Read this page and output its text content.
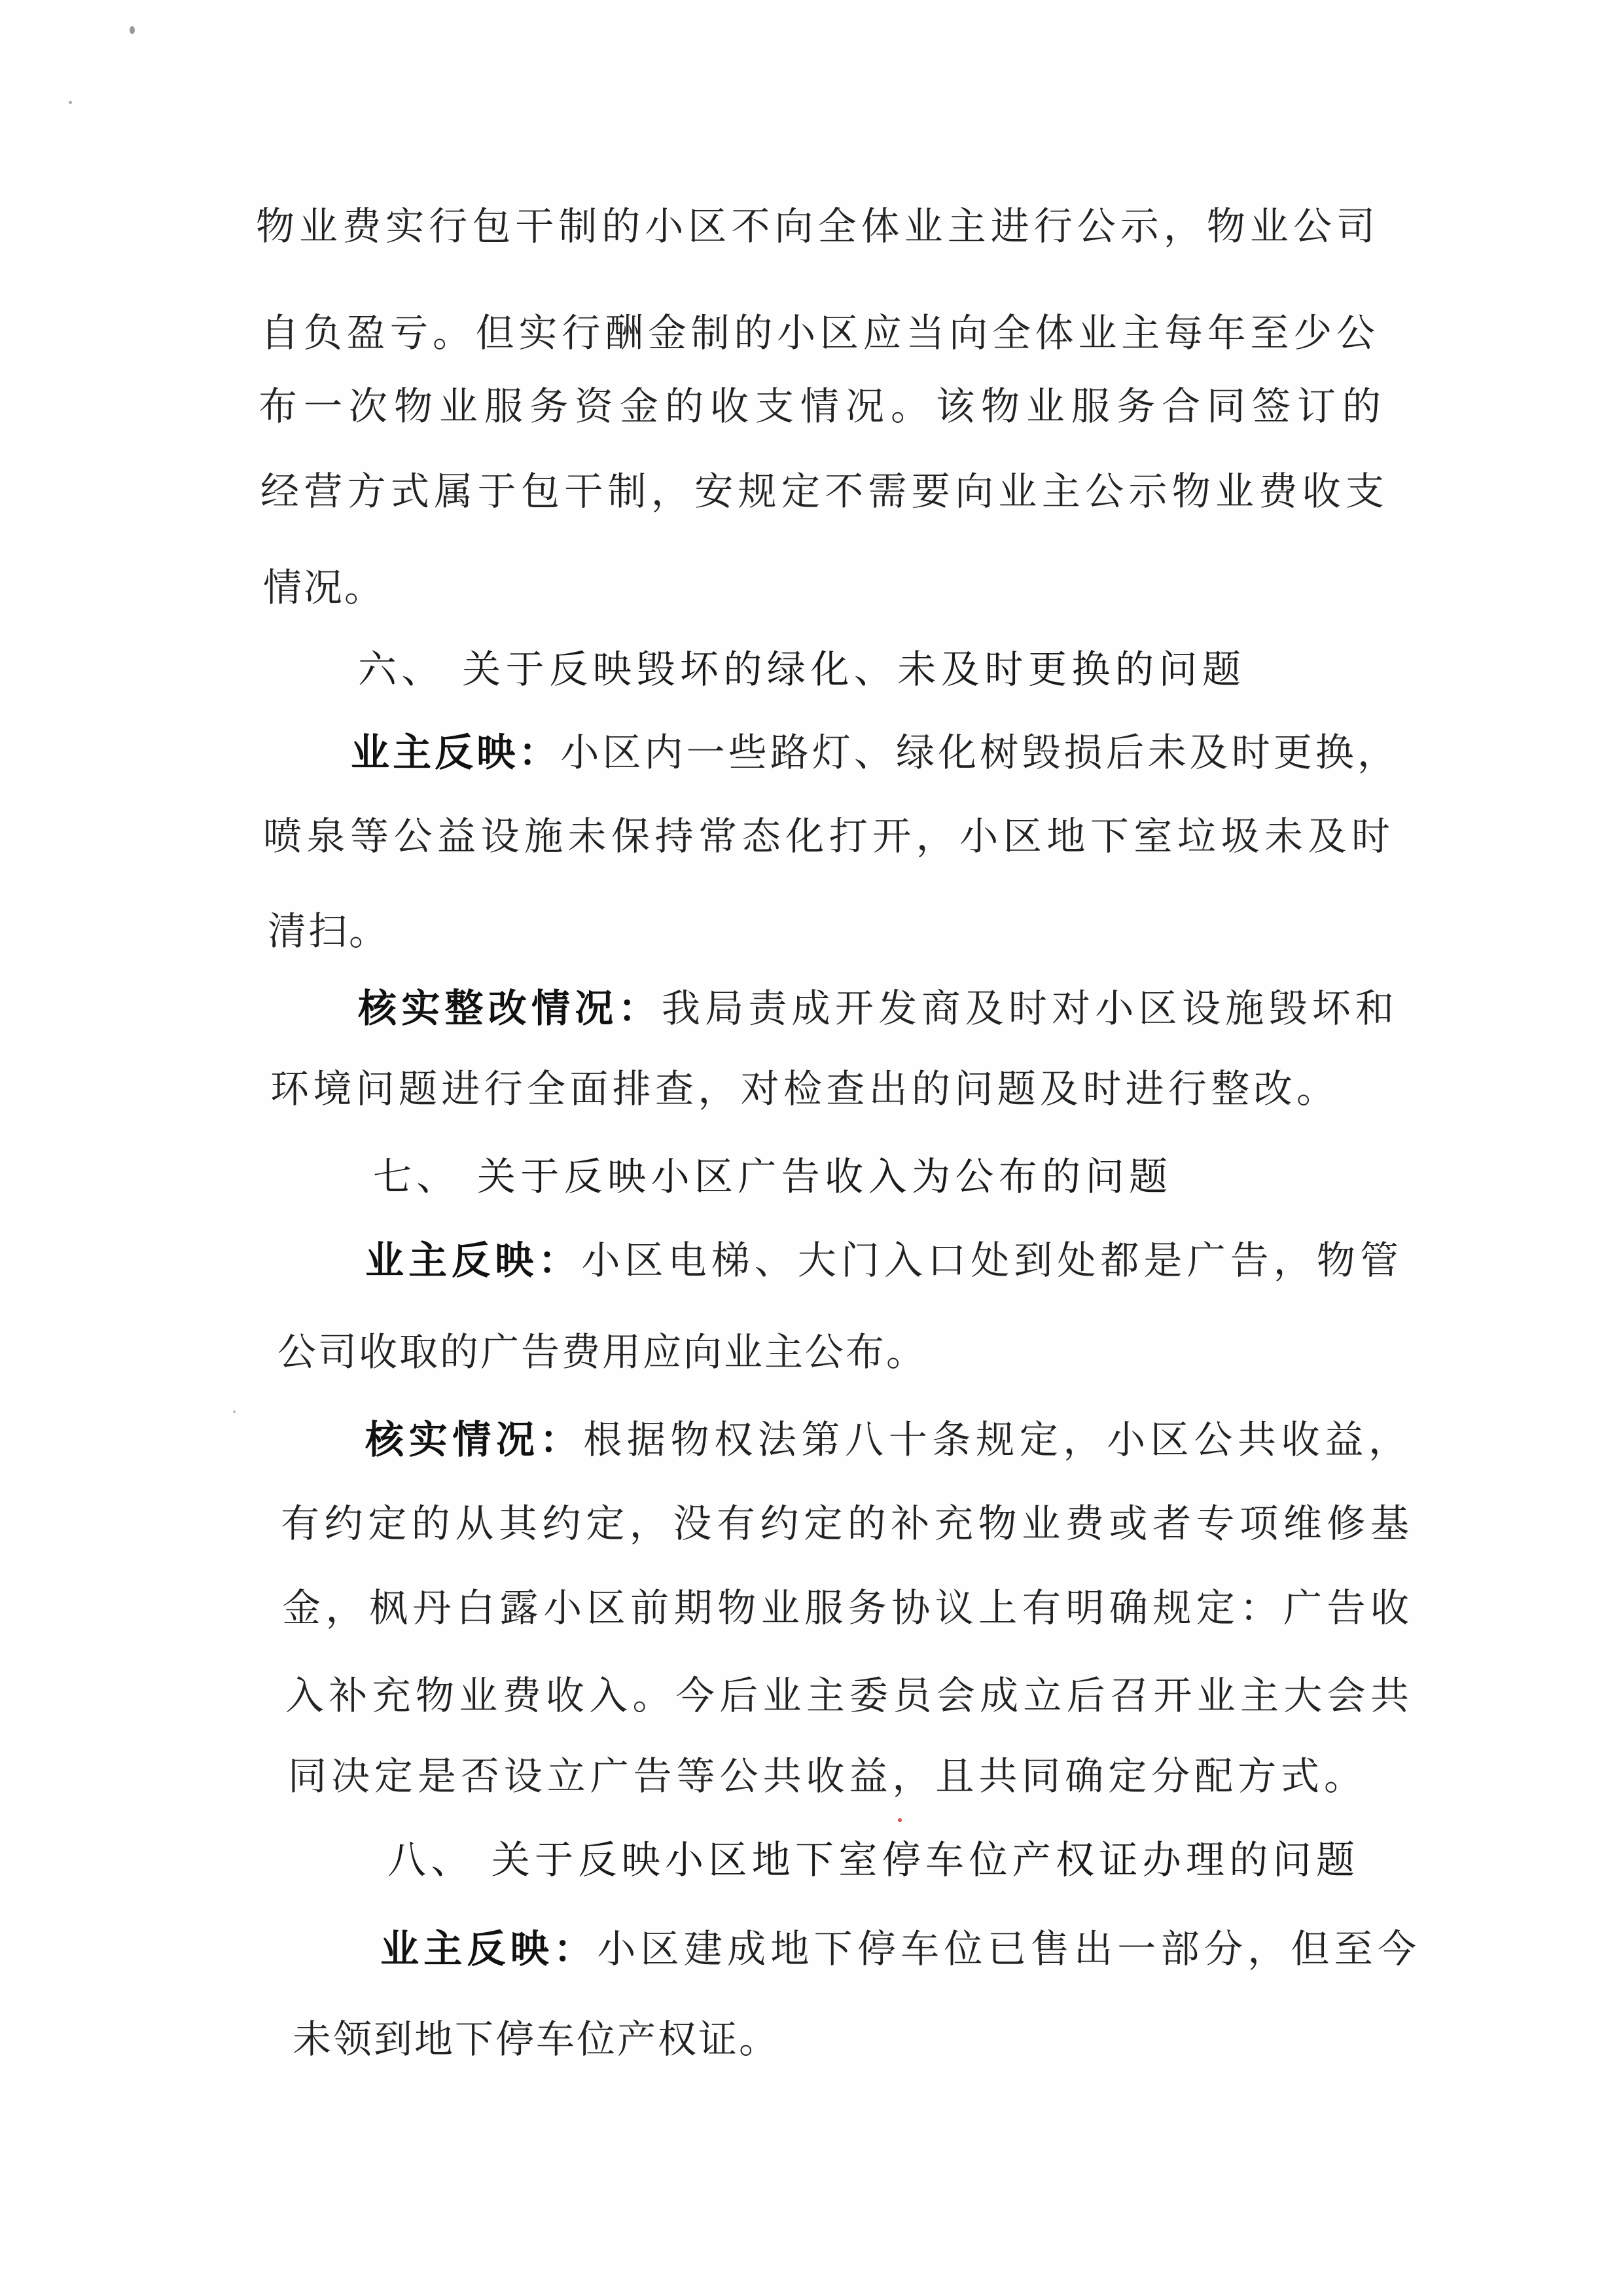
物业费实行包干制的小区不向全体业主进行公示，物业公司
自负盈亏。但实行酬金制的小区应当向全体业主每年至少公
布一次物业服务资金的收支情况。该物业服务合同签订的
经营方式属于包干制，安规定不需要向业主公示物业费收支
情况。
六、 关于反映毁坏的绿化、未及时更换的问题
业主反映：小区内一些路灯、绿化树毁损后未及时更换，
喷泉等公益设施未保持常态化打开，小区地下室垃圾未及时
清扫。
核实整改情况：我局责成开发商及时对小区设施毁坏和
环境问题进行全面排查，对检查出的问题及时进行整改。
七、 关于反映小区广告收入为公布的问题
业主反映：小区电梯、大门入口处到处都是广告，物管
公司收取的广告费用应向业主公布。
核实情况：根据物权法第八十条规定，小区公共收益，
有约定的从其约定，没有约定的补充物业费或者专项维修基
金，枫丹白露小区前期物业服务协议上有明确规定：广告收
入补充物业费收入。今后业主委员会成立后召开业主大会共
同决定是否设立广告等公共收益，且共同确定分配方式。
八、 关于反映小区地下室停车位产权证办理的问题
业主反映：小区建成地下停车位已售出一部分，但至今
未领到地下停车位产权证。
